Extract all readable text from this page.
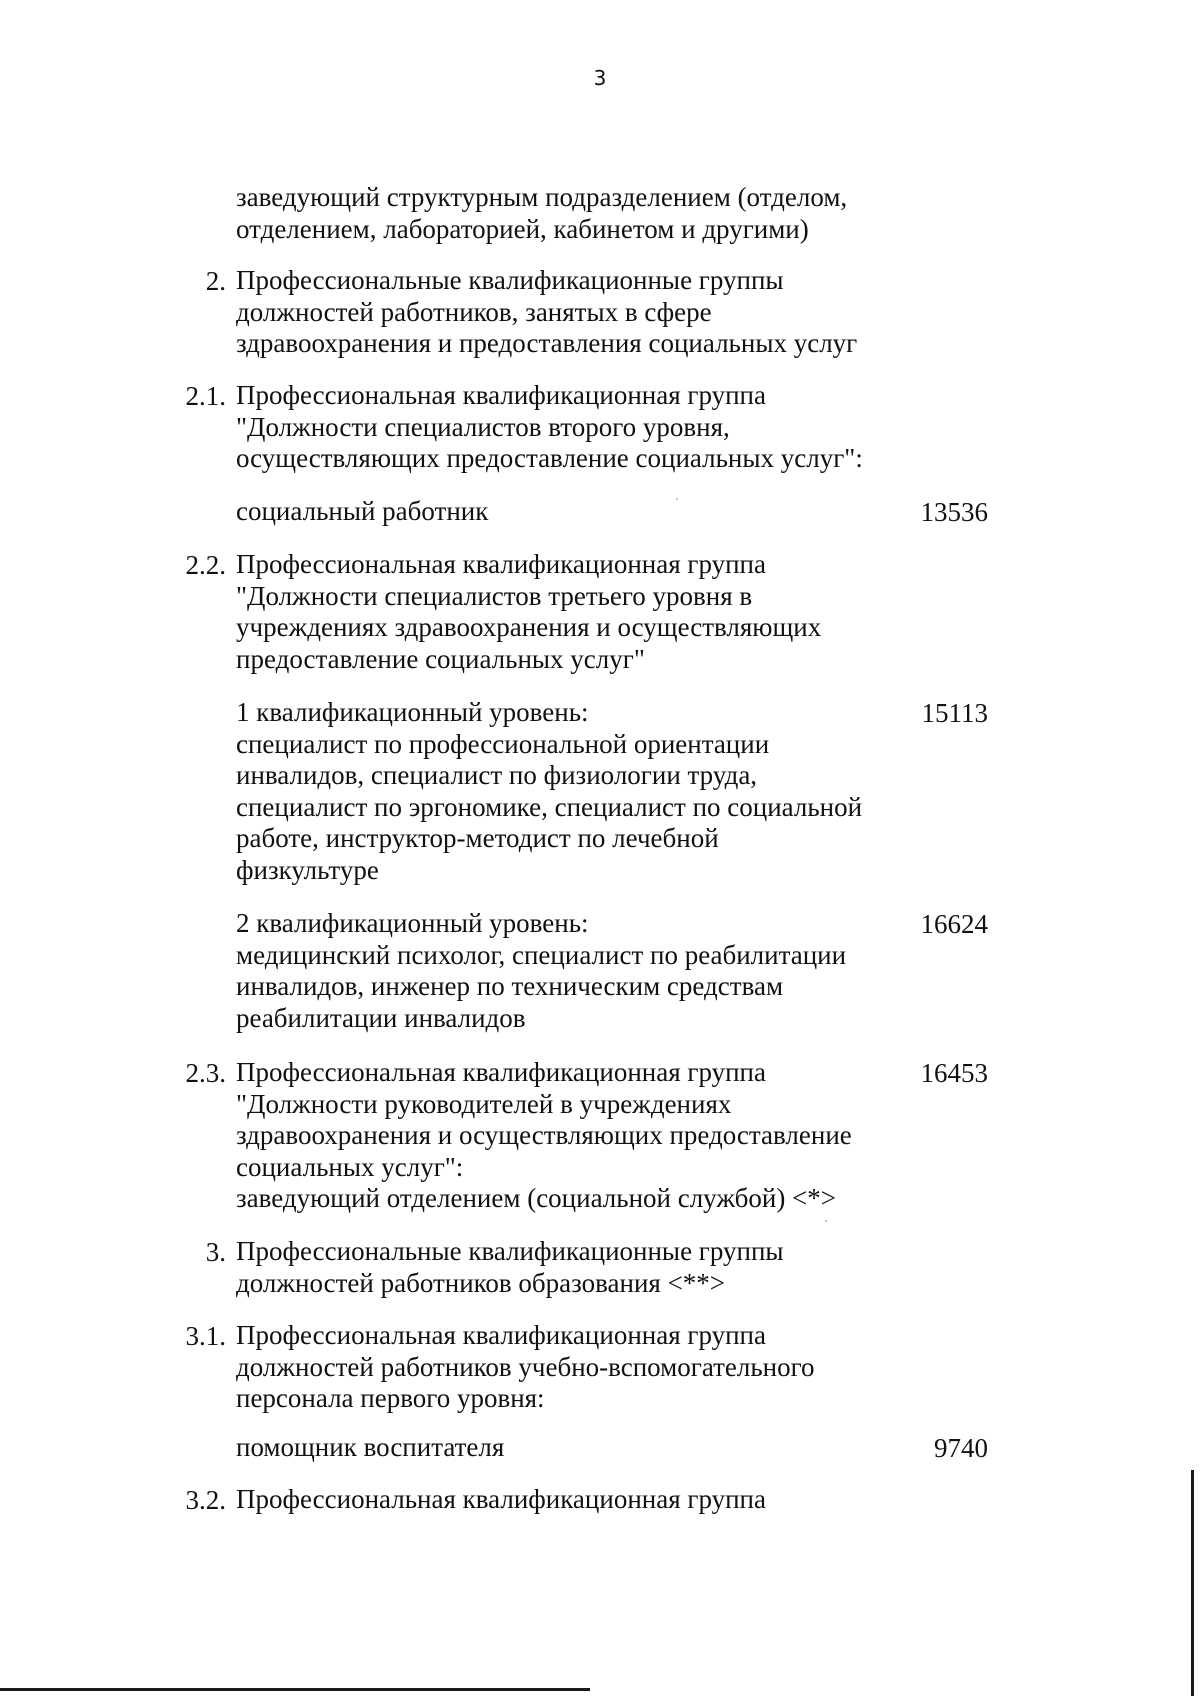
3
заведующий структурным подразделением (отделом,
отделением, лабораторией, кабинетом и другими)
2. Профессиональные квалификационные группы
должностей работников, занятых в сфере
здравоохранения и предоставления социальных услуг
2.1. Профессиональная квалификационная группа
"Должности специалистов второго уровня,
осуществляющих предоставление социальных услуг":
социальный работник	13536
2.2. Профессиональная квалификационная группа
"Должности специалистов третьего уровня в
учреждениях здравоохранения и осуществляющих
предоставление социальных услуг"
1 квалификационный уровень:
специалист по профессиональной ориентации
инвалидов, специалист по физиологии труда,
специалист по эргономике, специалист по социальной
работе, инструктор-методист по лечебной
физкультуре
15113
2 квалификационный уровень:
медицинский психолог, специалист по реабилитации
инвалидов, инженер по техническим средствам
реабилитации инвалидов
16624
2.3. Профессиональная квалификационная группа
"Должности руководителей в учреждениях
здравоохранения и осуществляющих предоставление
социальных услуг":
заведующий отделением (социальной службой) <*>
16453
3. Профессиональные квалификационные группы
должностей работников образования <**>
3.1. Профессиональная квалификационная группа
должностей работников учебно-вспомогательного
персонала первого уровня:
помощник воспитателя	9740
3.2. Профессиональная квалификационная группа
